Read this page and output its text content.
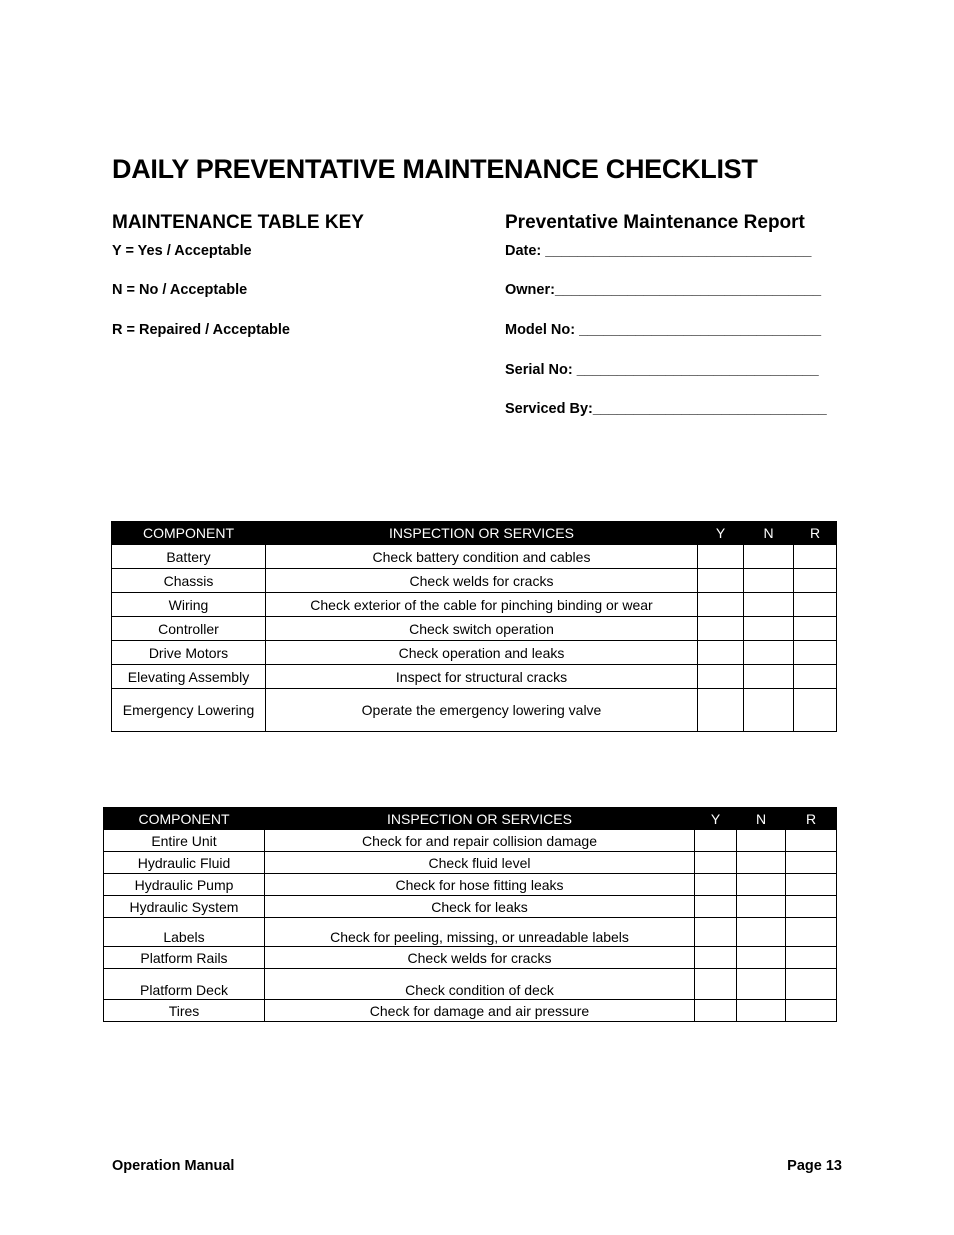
DAILY PREVENTATIVE MAINTENANCE CHECKLIST
MAINTENANCE TABLE KEY
Y = Yes / Acceptable
N = No / Acceptable
R = Repaired / Acceptable
Preventative Maintenance Report
Date: _________________________________
Owner:_________________________________
Model No: ______________________________
Serial No: ______________________________
Serviced By:_____________________________
COMPONENT	INSPECTION OR SERVICES	Y	N	R
Battery	Check battery condition and cables			
Chassis	Check welds for cracks			
Wiring	Check exterior of the cable for pinching binding or wear			
Controller	Check switch operation			
Drive Motors	Check operation and leaks			
Elevating Assembly	Inspect for structural cracks			
Emergency Lowering	Operate the emergency lowering valve			
COMPONENT	INSPECTION OR SERVICES	Y	N	R
Entire Unit	Check for and repair collision damage			
Hydraulic Fluid	Check fluid level			
Hydraulic Pump	Check for hose fitting leaks			
Hydraulic System	Check for leaks			
Labels	Check for peeling, missing, or unreadable labels			
Platform Rails	Check welds for cracks			
Platform Deck	Check condition of deck			
Tires	Check for damage and air pressure			
Operation Manual	Page 13
